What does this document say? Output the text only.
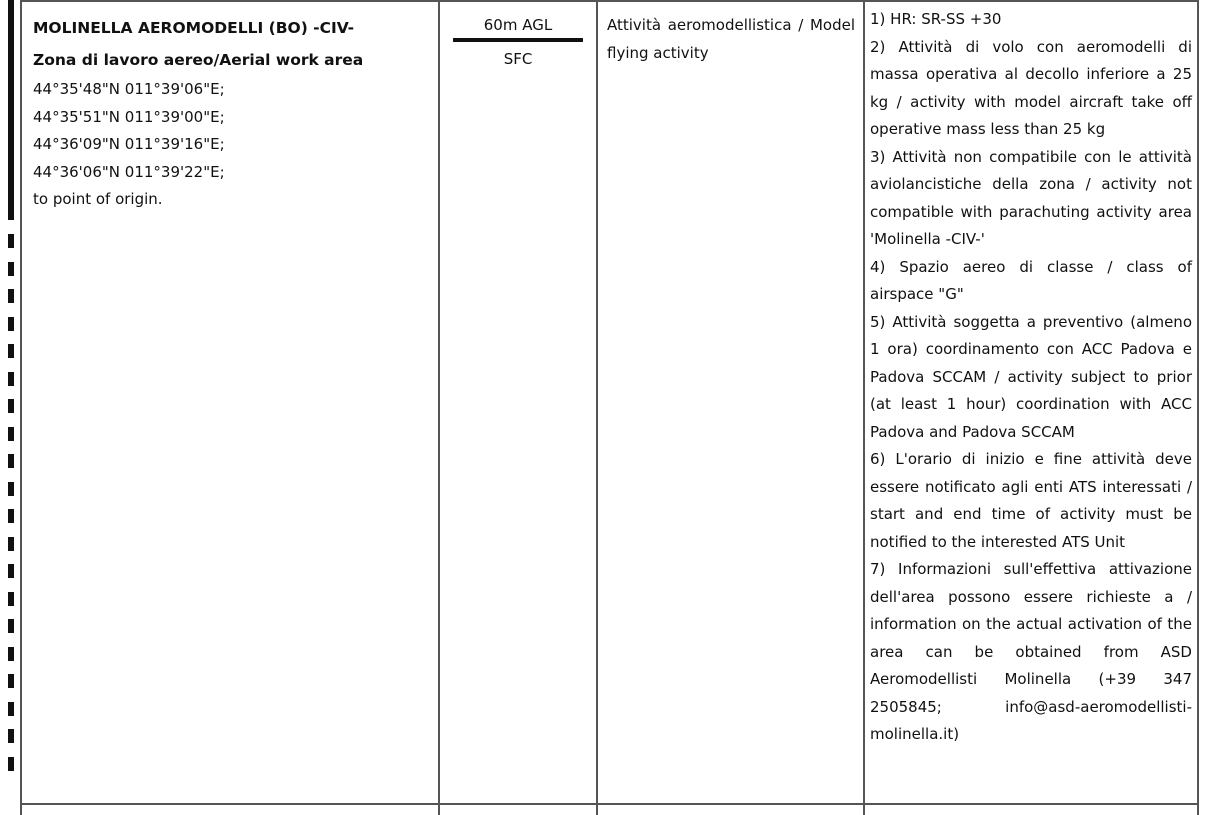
MOLINELLA AEROMODELLI (BO) -CIV-
Zona di lavoro aereo/Aerial work area
44°35'48"N 011°39'06"E;
44°35'51"N 011°39'00"E;
44°36'09"N 011°39'16"E;
44°36'06"N 011°39'22"E;
to point of origin.
60m AGL
SFC
Attività aeromodellistica / Model flying activity
1) HR: SR-SS +30
2) Attività di volo con aeromodelli di massa operativa al decollo inferiore a 25 kg / activity with model aircraft take off operative mass less than 25 kg
3) Attività non compatibile con le attività aviolancistiche della zona / activity not compatible with parachuting activity area 'Molinella -CIV-'
4) Spazio aereo di classe / class of airspace "G"
5) Attività soggetta a preventivo (almeno 1 ora) coordinamento con ACC Padova e Padova SCCAM / activity subject to prior (at least 1 hour) coordination with ACC Padova and Padova SCCAM
6) L'orario di inizio e fine attività deve essere notificato agli enti ATS interessati / start and end time of activity must be notified to the interested ATS Unit
7) Informazioni sull'effettiva attivazione dell'area possono essere richieste a / information on the actual activation of the area can be obtained from ASD Aeromodellisti Molinella (+39 347 2505845; info@asd-aeromodellisti-molinella.it)
